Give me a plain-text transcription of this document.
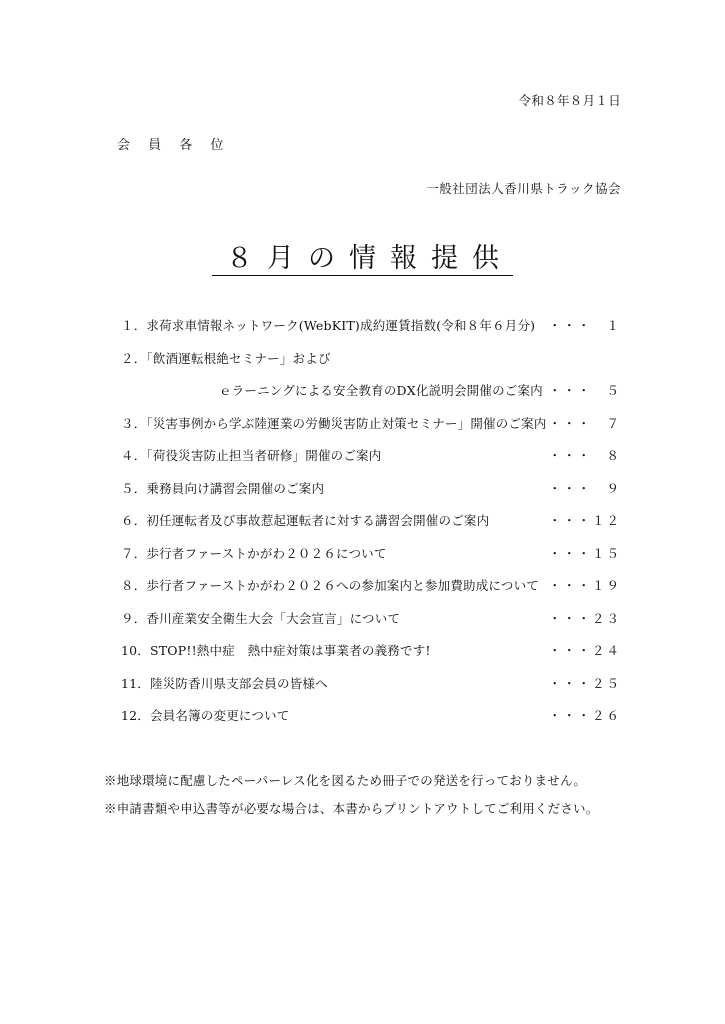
令和８年８月１日
会 員 各 位
一般社団法人香川県トラック協会
８月の情報提供
１．求荷求車情報ネットワーク(WebKIT)成約運賃指数(令和８年６月分) ・・・　１
２．「飲酒運転根絶セミナー」および
ｅラーニングによる安全教育のDX化説明会開催のご案内 ・・・　５
３．「災害事例から学ぶ陸運業の労働災害防止対策セミナー」開催のご案内 ・・・　７
４．「荷役災害防止担当者研修」開催のご案内	・・・　８
５．乗務員向け講習会開催のご案内	・・・　９
６．初任運転者及び事故惹起運転者に対する講習会開催のご案内	・・・１２
７．歩行者ファーストかがわ２０２６について	・・・１５
８．歩行者ファーストかがわ２０２６への参加案内と参加費助成について ・・・１９
９．香川産業安全衛生大会「大会宣言」について	・・・２３
10．STOP!!熱中症　熱中症対策は事業者の義務です!	・・・２４
11．陸災防香川県支部会員の皆様へ	・・・２５
12．会員名簿の変更について	・・・２６
※地球環境に配慮したペーパーレス化を図るため冊子での発送を行っておりません。
※申請書類や申込書等が必要な場合は、本書からプリントアウトしてご利用ください。
